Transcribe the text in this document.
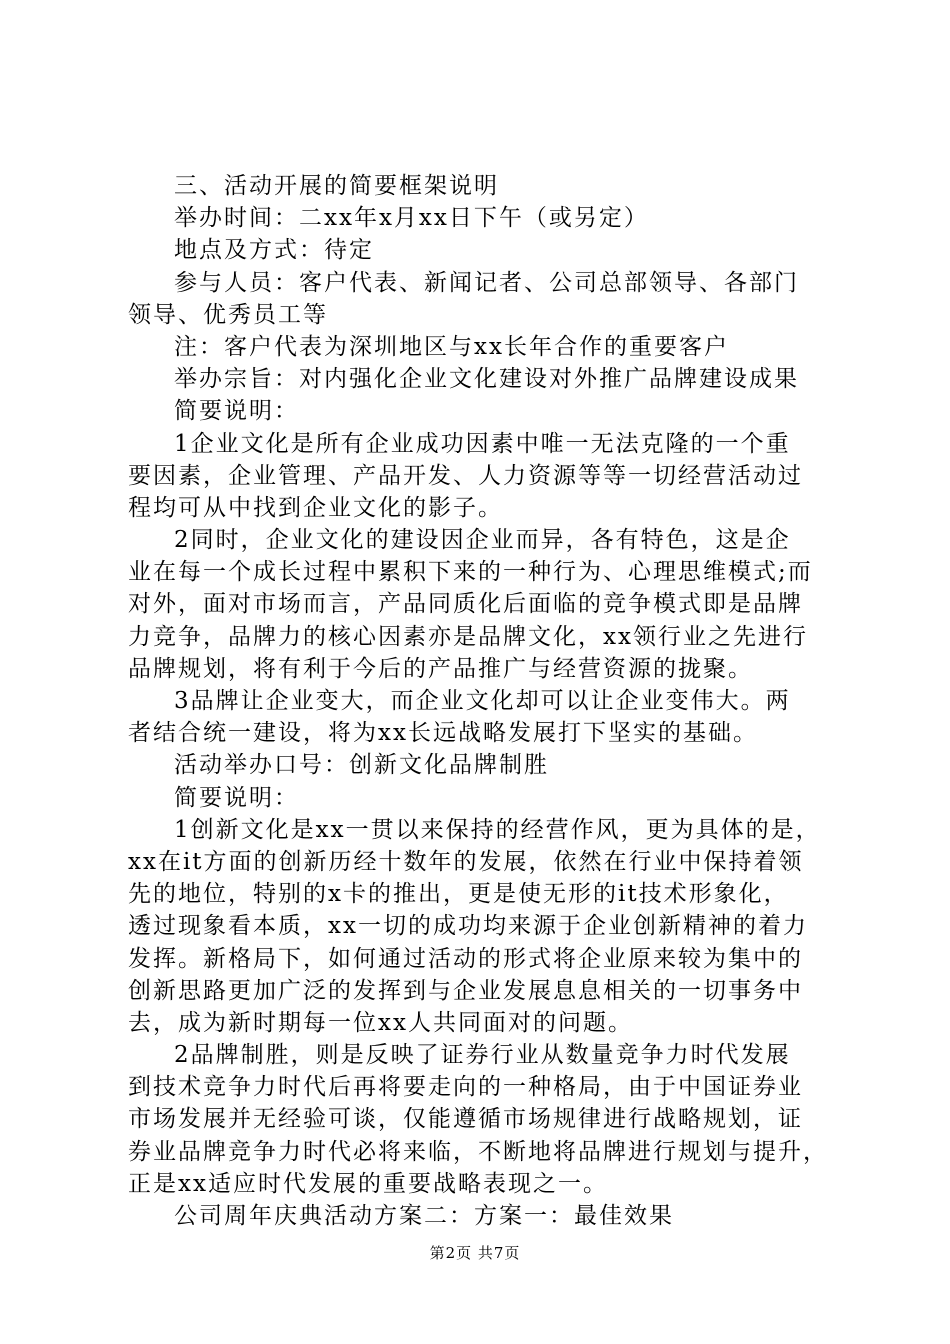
三、活动开展的简要框架说明
举办时间：二xx年x月xx日下午（或另定）
地点及方式：待定
参与人员：客户代表、新闻记者、公司总部领导、各部门
领导、优秀员工等
注：客户代表为深圳地区与xx长年合作的重要客户
举办宗旨：对内强化企业文化建设对外推广品牌建设成果
简要说明：
1企业文化是所有企业成功因素中唯一无法克隆的一个重
要因素，企业管理、产品开发、人力资源等等一切经营活动过
程均可从中找到企业文化的影子。
2同时，企业文化的建设因企业而异，各有特色，这是企
业在每一个成长过程中累积下来的一种行为、心理思维模式;而
对外，面对市场而言，产品同质化后面临的竞争模式即是品牌
力竞争，品牌力的核心因素亦是品牌文化，xx领行业之先进行
品牌规划，将有利于今后的产品推广与经营资源的拢聚。
3品牌让企业变大，而企业文化却可以让企业变伟大。两
者结合统一建设，将为xx长远战略发展打下坚实的基础。
活动举办口号：创新文化品牌制胜
简要说明：
1创新文化是xx一贯以来保持的经营作风，更为具体的是，
xx在it方面的创新历经十数年的发展，依然在行业中保持着领
先的地位，特别的x卡的推出，更是使无形的it技术形象化，
透过现象看本质，xx一切的成功均来源于企业创新精神的着力
发挥。新格局下，如何通过活动的形式将企业原来较为集中的
创新思路更加广泛的发挥到与企业发展息息相关的一切事务中
去，成为新时期每一位xx人共同面对的问题。
2品牌制胜，则是反映了证券行业从数量竞争力时代发展
到技术竞争力时代后再将要走向的一种格局，由于中国证券业
市场发展并无经验可谈，仅能遵循市场规律进行战略规划，证
券业品牌竞争力时代必将来临，不断地将品牌进行规划与提升，
正是xx适应时代发展的重要战略表现之一。
公司周年庆典活动方案二：方案一：最佳效果
第2页 共7页
